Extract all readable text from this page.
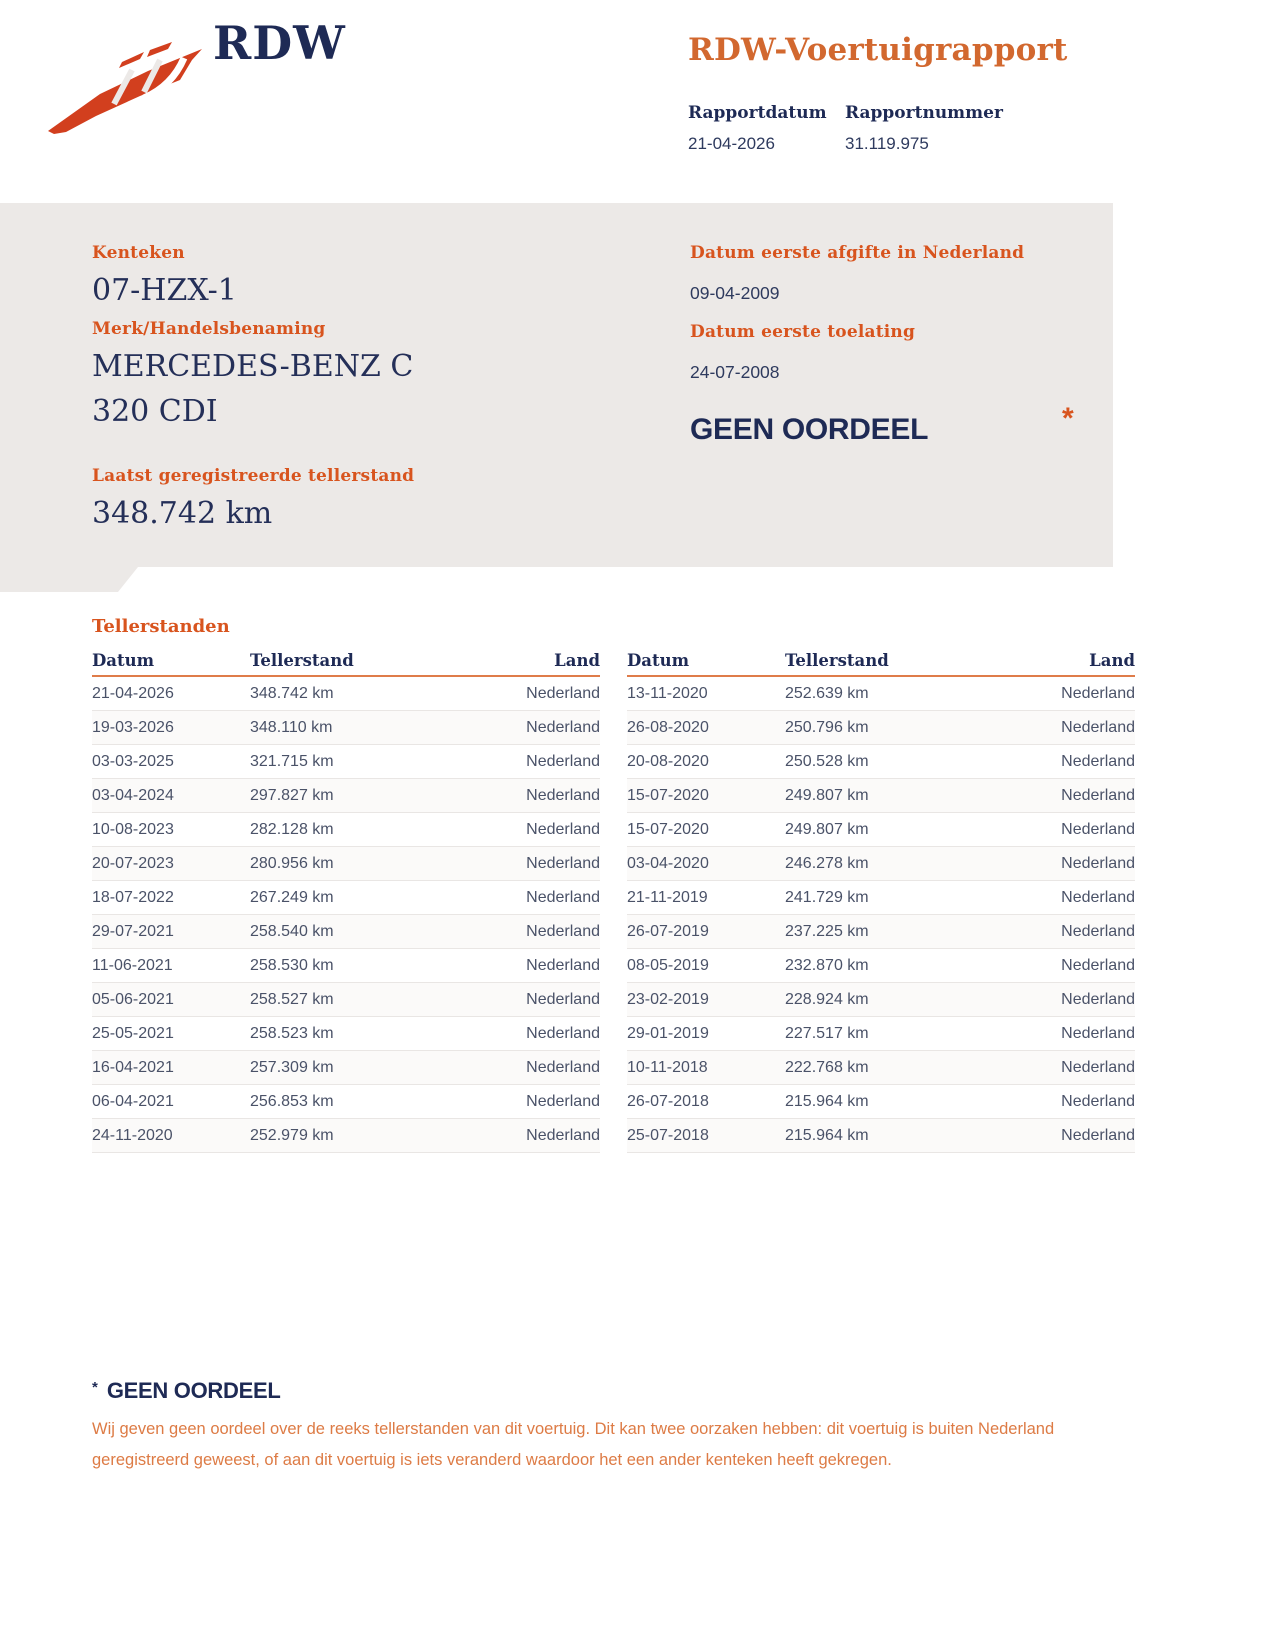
RDW	RDW-Voertuigrapport
Rapportdatum
21-04-2026
Rapportnummer
31.119.975
Kenteken
07-HZX-1
Merk/Handelsbenaming
MERCEDES-BENZ C 320 CDI
Laatst geregistreerde tellerstand
348.742 km
Datum eerste afgifte in Nederland
09-04-2009
Datum eerste toelating
24-07-2008
GEEN OORDEEL	*
Tellerstanden
Datum	Tellerstand	Land
21-04-2026	348.742 km	Nederland
19-03-2026	348.110 km	Nederland
03-03-2025	321.715 km	Nederland
03-04-2024	297.827 km	Nederland
10-08-2023	282.128 km	Nederland
20-07-2023	280.956 km	Nederland
18-07-2022	267.249 km	Nederland
29-07-2021	258.540 km	Nederland
11-06-2021	258.530 km	Nederland
05-06-2021	258.527 km	Nederland
25-05-2021	258.523 km	Nederland
16-04-2021	257.309 km	Nederland
06-04-2021	256.853 km	Nederland
24-11-2020	252.979 km	Nederland
Datum	Tellerstand	Land
13-11-2020	252.639 km	Nederland
26-08-2020	250.796 km	Nederland
20-08-2020	250.528 km	Nederland
15-07-2020	249.807 km	Nederland
15-07-2020	249.807 km	Nederland
03-04-2020	246.278 km	Nederland
21-11-2019	241.729 km	Nederland
26-07-2019	237.225 km	Nederland
08-05-2019	232.870 km	Nederland
23-02-2019	228.924 km	Nederland
29-01-2019	227.517 km	Nederland
10-11-2018	222.768 km	Nederland
26-07-2018	215.964 km	Nederland
25-07-2018	215.964 km	Nederland
* GEEN OORDEEL
Wij geven geen oordeel over de reeks tellerstanden van dit voertuig. Dit kan twee oorzaken hebben: dit voertuig is buiten Nederland geregistreerd geweest, of aan dit voertuig is iets veranderd waardoor het een ander kenteken heeft gekregen.
